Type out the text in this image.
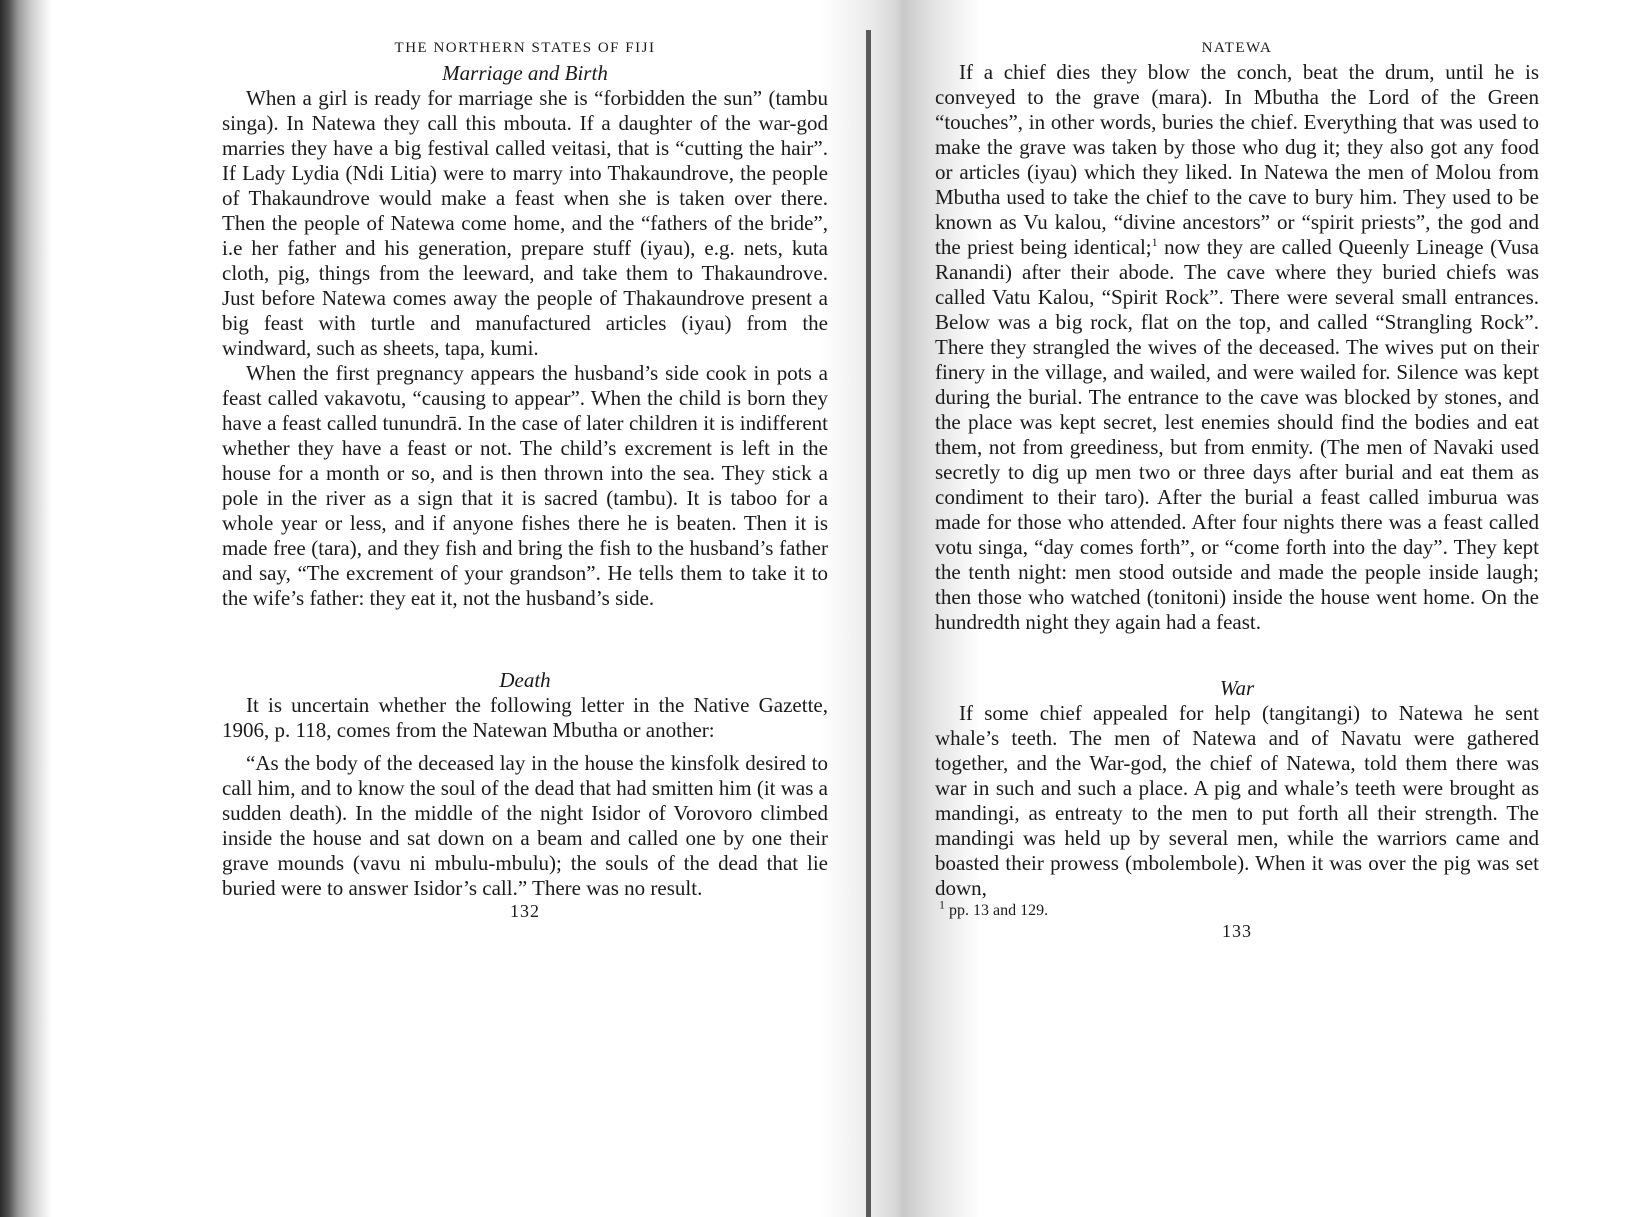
THE NORTHERN STATES OF FIJI
Marriage and Birth

When a girl is ready for marriage she is “forbidden the sun” (tambu singa). In Natewa they call this mbouta. If a daughter of the war-god marries they have a big festival called veitasi, that is “cutting the hair”. If Lady Lydia (Ndi Litia) were to marry into Thakaundrove, the people of Thakaundrove would make a feast when she is taken over there. Then the people of Natewa come home, and the “fathers of the bride”, i.e her father and his generation, prepare stuff (iyau), e.g. nets, kuta cloth, pig, things from the leeward, and take them to Thakaundrove. Just before Natewa comes away the people of Thakaundrove present a big feast with turtle and manufactured articles (iyau) from the windward, such as sheets, tapa, kumi.

When the first pregnancy appears the husband’s side cook in pots a feast called vakavotu, “causing to appear”. When the child is born they have a feast called tunundrā. In the case of later children it is indifferent whether they have a feast or not. The child’s excrement is left in the house for a month or so, and is then thrown into the sea. They stick a pole in the river as a sign that it is sacred (tambu). It is taboo for a whole year or less, and if anyone fishes there he is beaten. Then it is made free (tara), and they fish and bring the fish to the husband’s father and say, “The excrement of your grandson”. He tells them to take it to the wife’s father: they eat it, not the husband’s side.

Death

It is uncertain whether the following letter in the Native Gazette, 1906, p. 118, comes from the Natewan Mbutha or another:

“As the body of the deceased lay in the house the kinsfolk desired to call him, and to know the soul of the dead that had smitten him (it was a sudden death). In the middle of the night Isidor of Vorovoro climbed inside the house and sat down on a beam and called one by one their grave mounds (vavu ni mbulu-mbulu); the souls of the dead that lie buried were to answer Isidor’s call.” There was no result.

132
NATEWA

If a chief dies they blow the conch, beat the drum, until he is conveyed to the grave (mara). In Mbutha the Lord of the Green “touches”, in other words, buries the chief. Everything that was used to make the grave was taken by those who dug it; they also got any food or articles (iyau) which they liked. In Natewa the men of Molou from Mbutha used to take the chief to the cave to bury him. They used to be known as Vu kalou, “divine ancestors” or “spirit priests”, the god and the priest being identical;$^1$ now they are called Queenly Lineage (Vusa Ranandi) after their abode. The cave where they buried chiefs was called Vatu Kalou, “Spirit Rock”. There were several small entrances. Below was a big rock, flat on the top, and called “Strangling Rock”. There they strangled the wives of the deceased. The wives put on their finery in the village, and wailed, and were wailed for. Silence was kept during the burial. The entrance to the cave was blocked by stones, and the place was kept secret, lest enemies should find the bodies and eat them, not from greediness, but from enmity. (The men of Navaki used secretly to dig up men two or three days after burial and eat them as condiment to their taro). After the burial a feast called imburua was made for those who attended. After four nights there was a feast called votu singa, “day comes forth”, or “come forth into the day”. They kept the tenth night: men stood outside and made the people inside laugh; then those who watched (tonitoni) inside the house went home. On the hundredth night they again had a feast.

War

If some chief appealed for help (tangitangi) to Natewa he sent whale’s teeth. The men of Natewa and of Navatu were gathered together, and the War-god, the chief of Natewa, told them there was war in such and such a place. A pig and whale’s teeth were brought as mandingi, as entreaty to the men to put forth all their strength. The mandingi was held up by several men, while the warriors came and boasted their prowess (mbolembole). When it was over the pig was set down,

$^1$ pp. 13 and 129.

133
